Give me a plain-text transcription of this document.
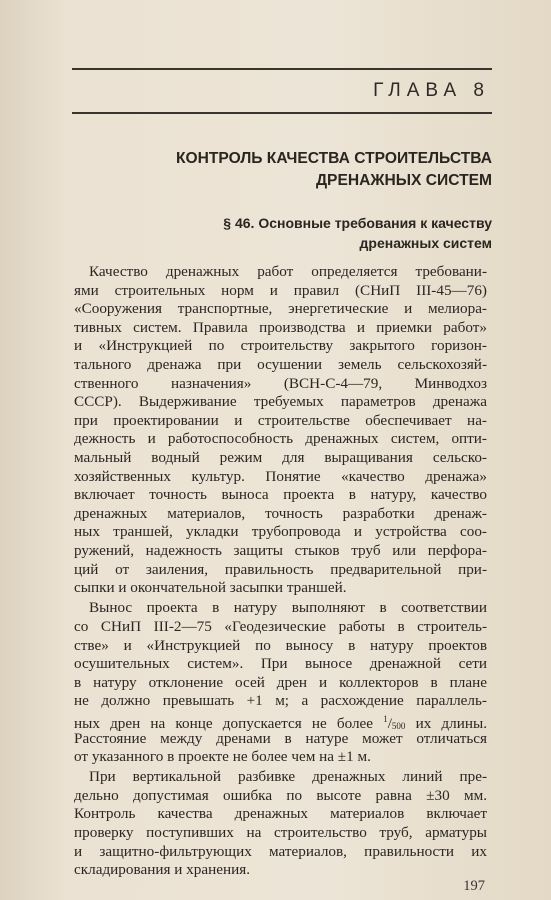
ГЛАВА 8
КОНТРОЛЬ КАЧЕСТВА СТРОИТЕЛЬСТВА
ДРЕНАЖНЫХ СИСТЕМ
§ 46. Основные требования к качеству
дренажных систем
Качество дренажных работ определяется требовани-
ями строительных норм и правил (СНиП III-45—76)
«Сооружения транспортные, энергетические и мелиора-
тивных систем. Правила производства и приемки работ»
и «Инструкцией по строительству закрытого горизон-
тального дренажа при осушении земель сельскохозяй-
ственного назначения» (ВСН-С-4—79, Минводхоз
СССР). Выдерживание требуемых параметров дренажа
при проектировании и строительстве обеспечивает на-
дежность и работоспособность дренажных систем, опти-
мальный водный режим для выращивания сельско-
хозяйственных культур. Понятие «качество дренажа»
включает точность выноса проекта в натуру, качество
дренажных материалов, точность разработки дренаж-
ных траншей, укладки трубопровода и устройства соо-
ружений, надежность защиты стыков труб или перфора-
ций от заиления, правильность предварительной при-
сыпки и окончательной засыпки траншей.
Вынос проекта в натуру выполняют в соответствии
со СНиП III-2—75 «Геодезические работы в строитель-
стве» и «Инструкцией по выносу в натуру проектов
осушительных систем». При выносе дренажной сети
в натуру отклонение осей дрен и коллекторов в плане
не должно превышать +1 м; а расхождение параллель-
ных дрен на конце допускается не более $^1$/500 их длины.
Расстояние между дренами в натуре может отличаться
от указанного в проекте не более чем на ±1 м.
При вертикальной разбивке дренажных линий пре-
дельно допустимая ошибка по высоте равна ±30 мм.
Контроль качества дренажных материалов включает
проверку поступивших на строительство труб, арматуры
и защитно-фильтрующих материалов, правильности их
складирования и хранения.
197
